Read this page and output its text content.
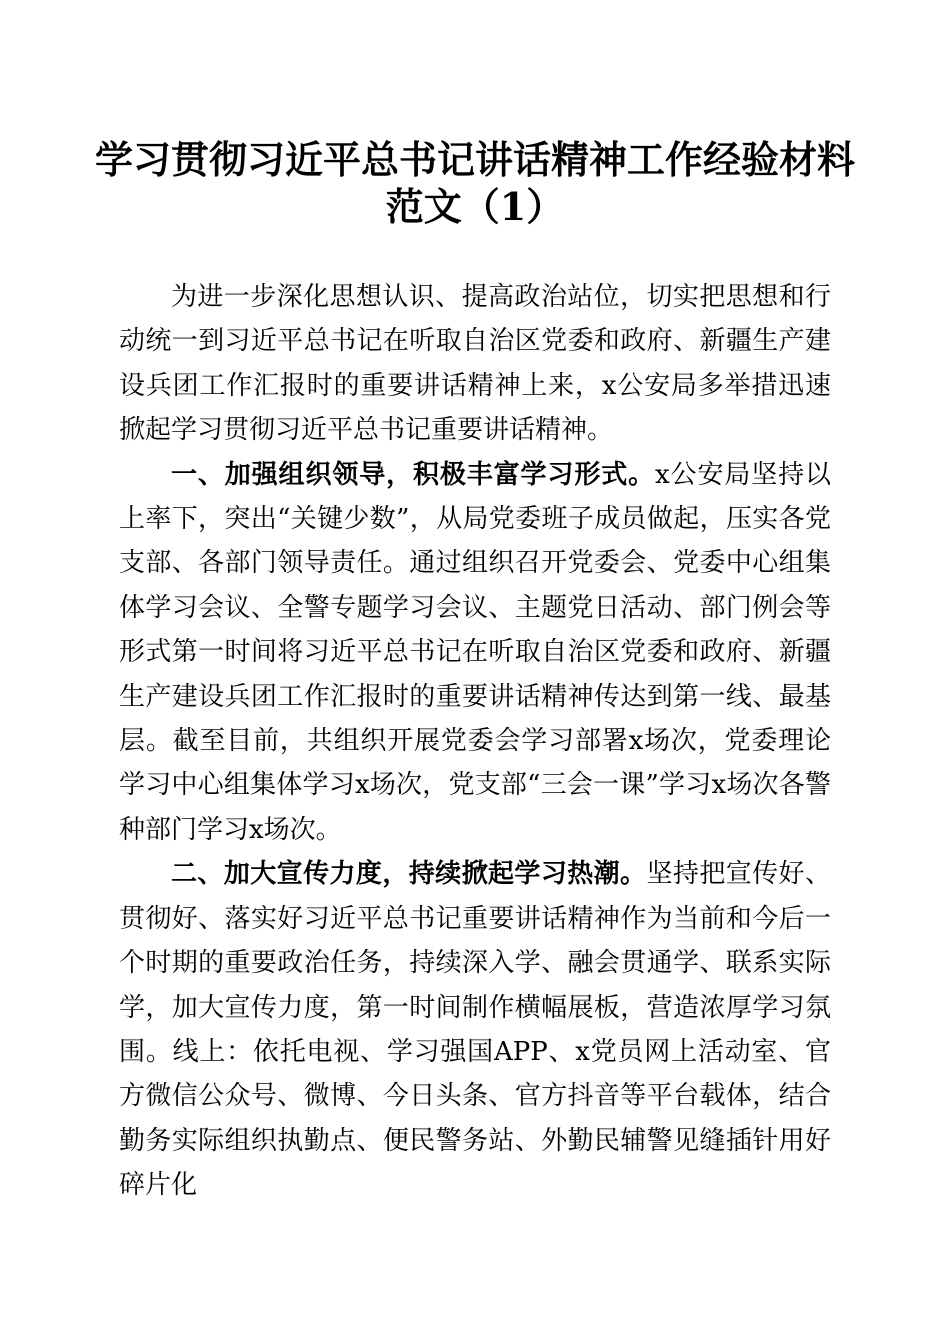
学习贯彻习近平总书记讲话精神工作经验材料
范文（1）

为进一步深化思想认识、提高政治站位，切实把思想和行动统一到习近平总书记在听取自治区党委和政府、新疆生产建设兵团工作汇报时的重要讲话精神上来，x公安局多举措迅速掀起学习贯彻习近平总书记重要讲话精神。

一、加强组织领导，积极丰富学习形式。x公安局坚持以上率下，突出“关键少数”，从局党委班子成员做起，压实各党支部、各部门领导责任。通过组织召开党委会、党委中心组集体学习会议、全警专题学习会议、主题党日活动、部门例会等形式第一时间将习近平总书记在听取自治区党委和政府、新疆生产建设兵团工作汇报时的重要讲话精神传达到第一线、最基层。截至目前，共组织开展党委会学习部署x场次，党委理论学习中心组集体学习x场次，党支部“三会一课”学习x场次各警种部门学习x场次。

二、加大宣传力度，持续掀起学习热潮。坚持把宣传好、贯彻好、落实好习近平总书记重要讲话精神作为当前和今后一个时期的重要政治任务，持续深入学、融会贯通学、联系实际学，加大宣传力度，第一时间制作横幅展板，营造浓厚学习氛围。线上：依托电视、学习强国APP、x党员网上活动室、官方微信公众号、微博、今日头条、官方抖音等平台载体，结合勤务实际组织执勤点、便民警务站、外勤民辅警见缝插针用好碎片化
